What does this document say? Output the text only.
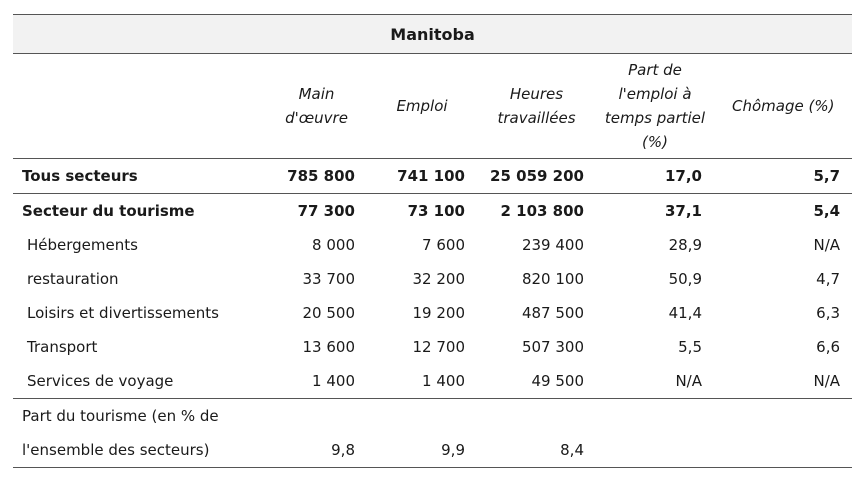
Manitoba					

	Main d'œuvre	Emploi	Heures travaillées	Part de l'emploi à temps partiel (%)	Chômage (%)

Tous secteurs	785 800	741 100	25 059 200	17,0	5,7
Secteur du tourisme	77 300	73 100	2 103 800	37,1	5,4
Hébergements	8 000	7 600	239 400	28,9	N/A
restauration	33 700	32 200	820 100	50,9	4,7
Loisirs et divertissements	20 500	19 200	487 500	41,4	6,3
Transport	13 600	12 700	507 300	5,5	6,6
Services de voyage	1 400	1 400	49 500	N/A	N/A
Part du tourisme (en % de					
l'ensemble des secteurs)	9,8	9,9	8,4		
